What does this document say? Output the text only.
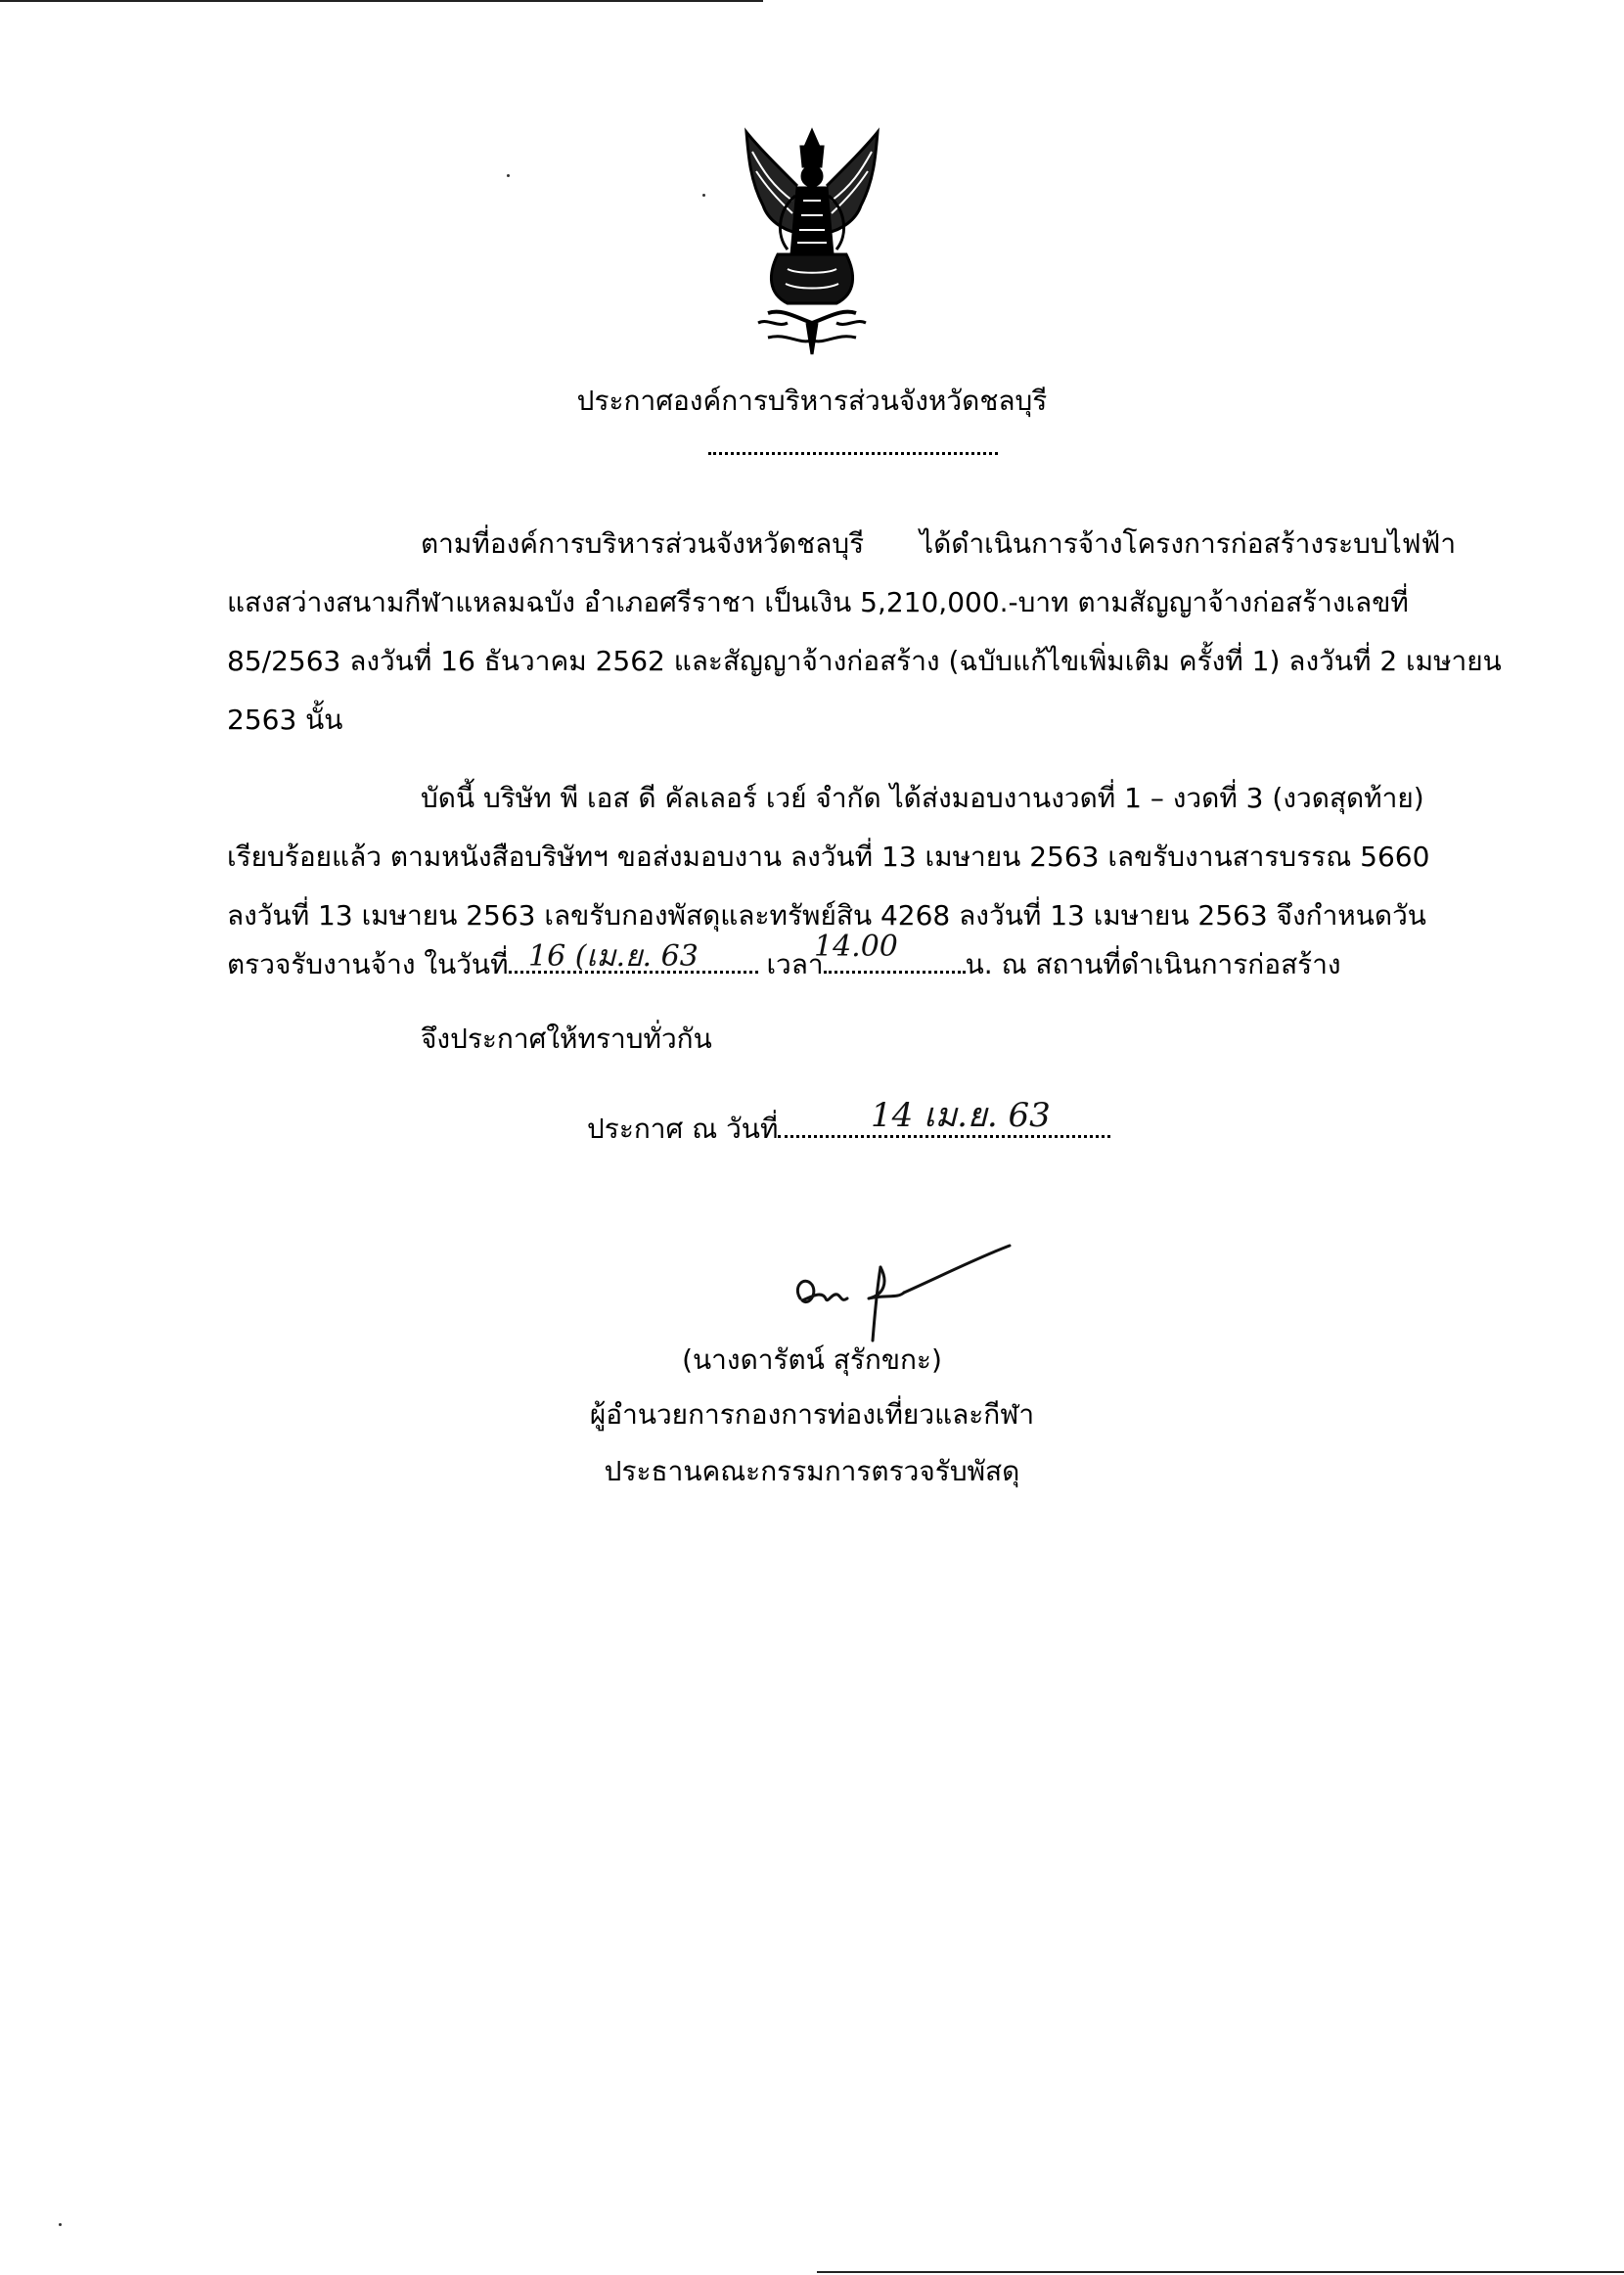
ประกาศองค์การบริหารส่วนจังหวัดชลบุรี
ตามที่องค์การบริหารส่วนจังหวัดชลบุรี ได้ดำเนินการจ้างโครงการก่อสร้างระบบไฟฟ้า
แสงสว่างสนามกีฬาแหลมฉบัง อำเภอศรีราชา เป็นเงิน 5,210,000.-บาท ตามสัญญาจ้างก่อสร้างเลขที่
85/2563 ลงวันที่ 16 ธันวาคม 2562 และสัญญาจ้างก่อสร้าง (ฉบับแก้ไขเพิ่มเติม ครั้งที่ 1) ลงวันที่ 2 เมษายน
2563 นั้น
บัดนี้ บริษัท พี เอส ดี คัลเลอร์ เวย์ จำกัด ได้ส่งมอบงานงวดที่ 1 – งวดที่ 3 (งวดสุดท้าย)
เรียบร้อยแล้ว ตามหนังสือบริษัทฯ ขอส่งมอบงาน ลงวันที่ 13 เมษายน 2563 เลขรับงานสารบรรณ 5660
ลงวันที่ 13 เมษายน 2563 เลขรับกองพัสดุและทรัพย์สิน 4268 ลงวันที่ 13 เมษายน 2563 จึงกำหนดวัน
ตรวจรับงานจ้าง ในวันที่	เวลา	น. ณ สถานที่ดำเนินการก่อสร้าง
16 (เม.ย. 63	14.00
จึงประกาศให้ทราบทั่วกัน
ประกาศ ณ วันที่	14 เม.ย. 63
(นางดารัตน์ สุรักขกะ)
ผู้อำนวยการกองการท่องเที่ยวและกีฬา
ประธานคณะกรรมการตรวจรับพัสดุ
